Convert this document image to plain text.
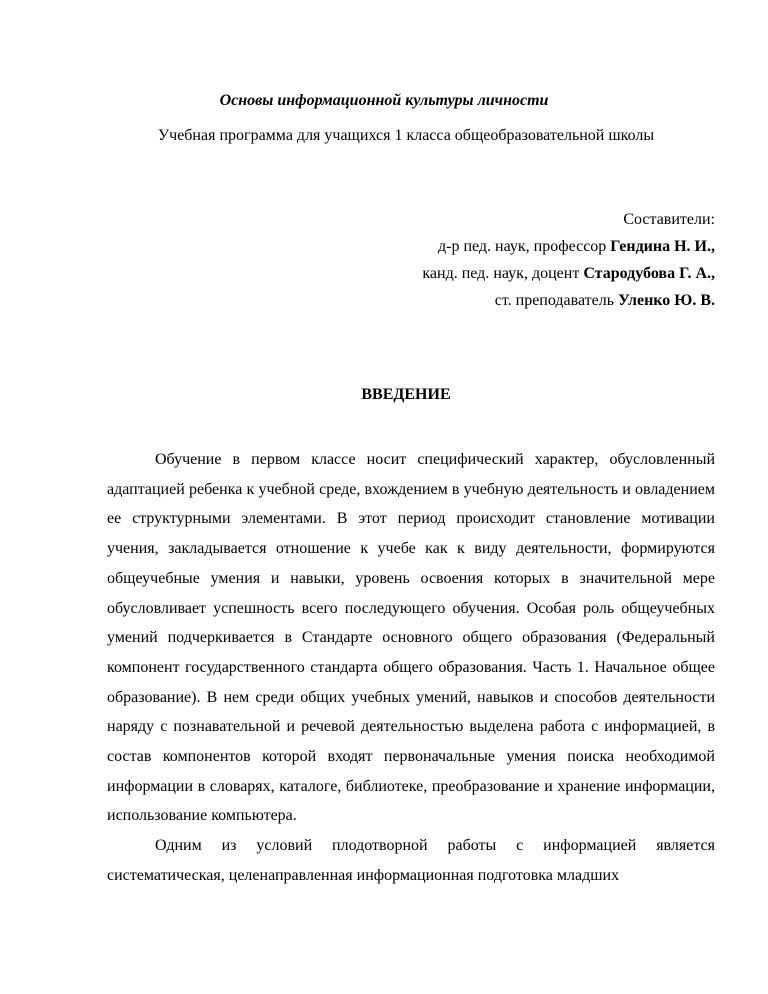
Основы информационной культуры личности
Учебная программа для учащихся 1 класса общеобразовательной школы
Составители:
д-р пед. наук, профессор Гендина Н. И.,
канд. пед. наук, доцент Стародубова Г. А.,
ст. преподаватель Уленко Ю. В.
ВВЕДЕНИЕ

Обучение в первом классе носит специфический характер, обусловленный адаптацией ребенка к учебной среде, вхождением в учебную деятельность и овладением ее структурными элементами. В этот период происходит становление мотивации учения, закладывается отношение к учебе как к виду деятельности, формируются общеучебные умения и навыки, уровень освоения которых в значительной мере обусловливает успешность всего последующего обучения. Особая роль общеучебных умений подчеркивается в Стандарте основного общего образования (Федеральный компонент государственного стандарта общего образования. Часть 1. Начальное общее образование). В нем среди общих учебных умений, навыков и способов деятельности наряду с познавательной и речевой деятельностью выделена работа с информацией, в состав компонентов которой входят первоначальные умения поиска необходимой информации в словарях, каталоге, библиотеке, преобразование и хранение информации, использование компьютера.

Одним из условий плодотворной работы с информацией является систематическая, целенаправленная информационная подготовка младших
